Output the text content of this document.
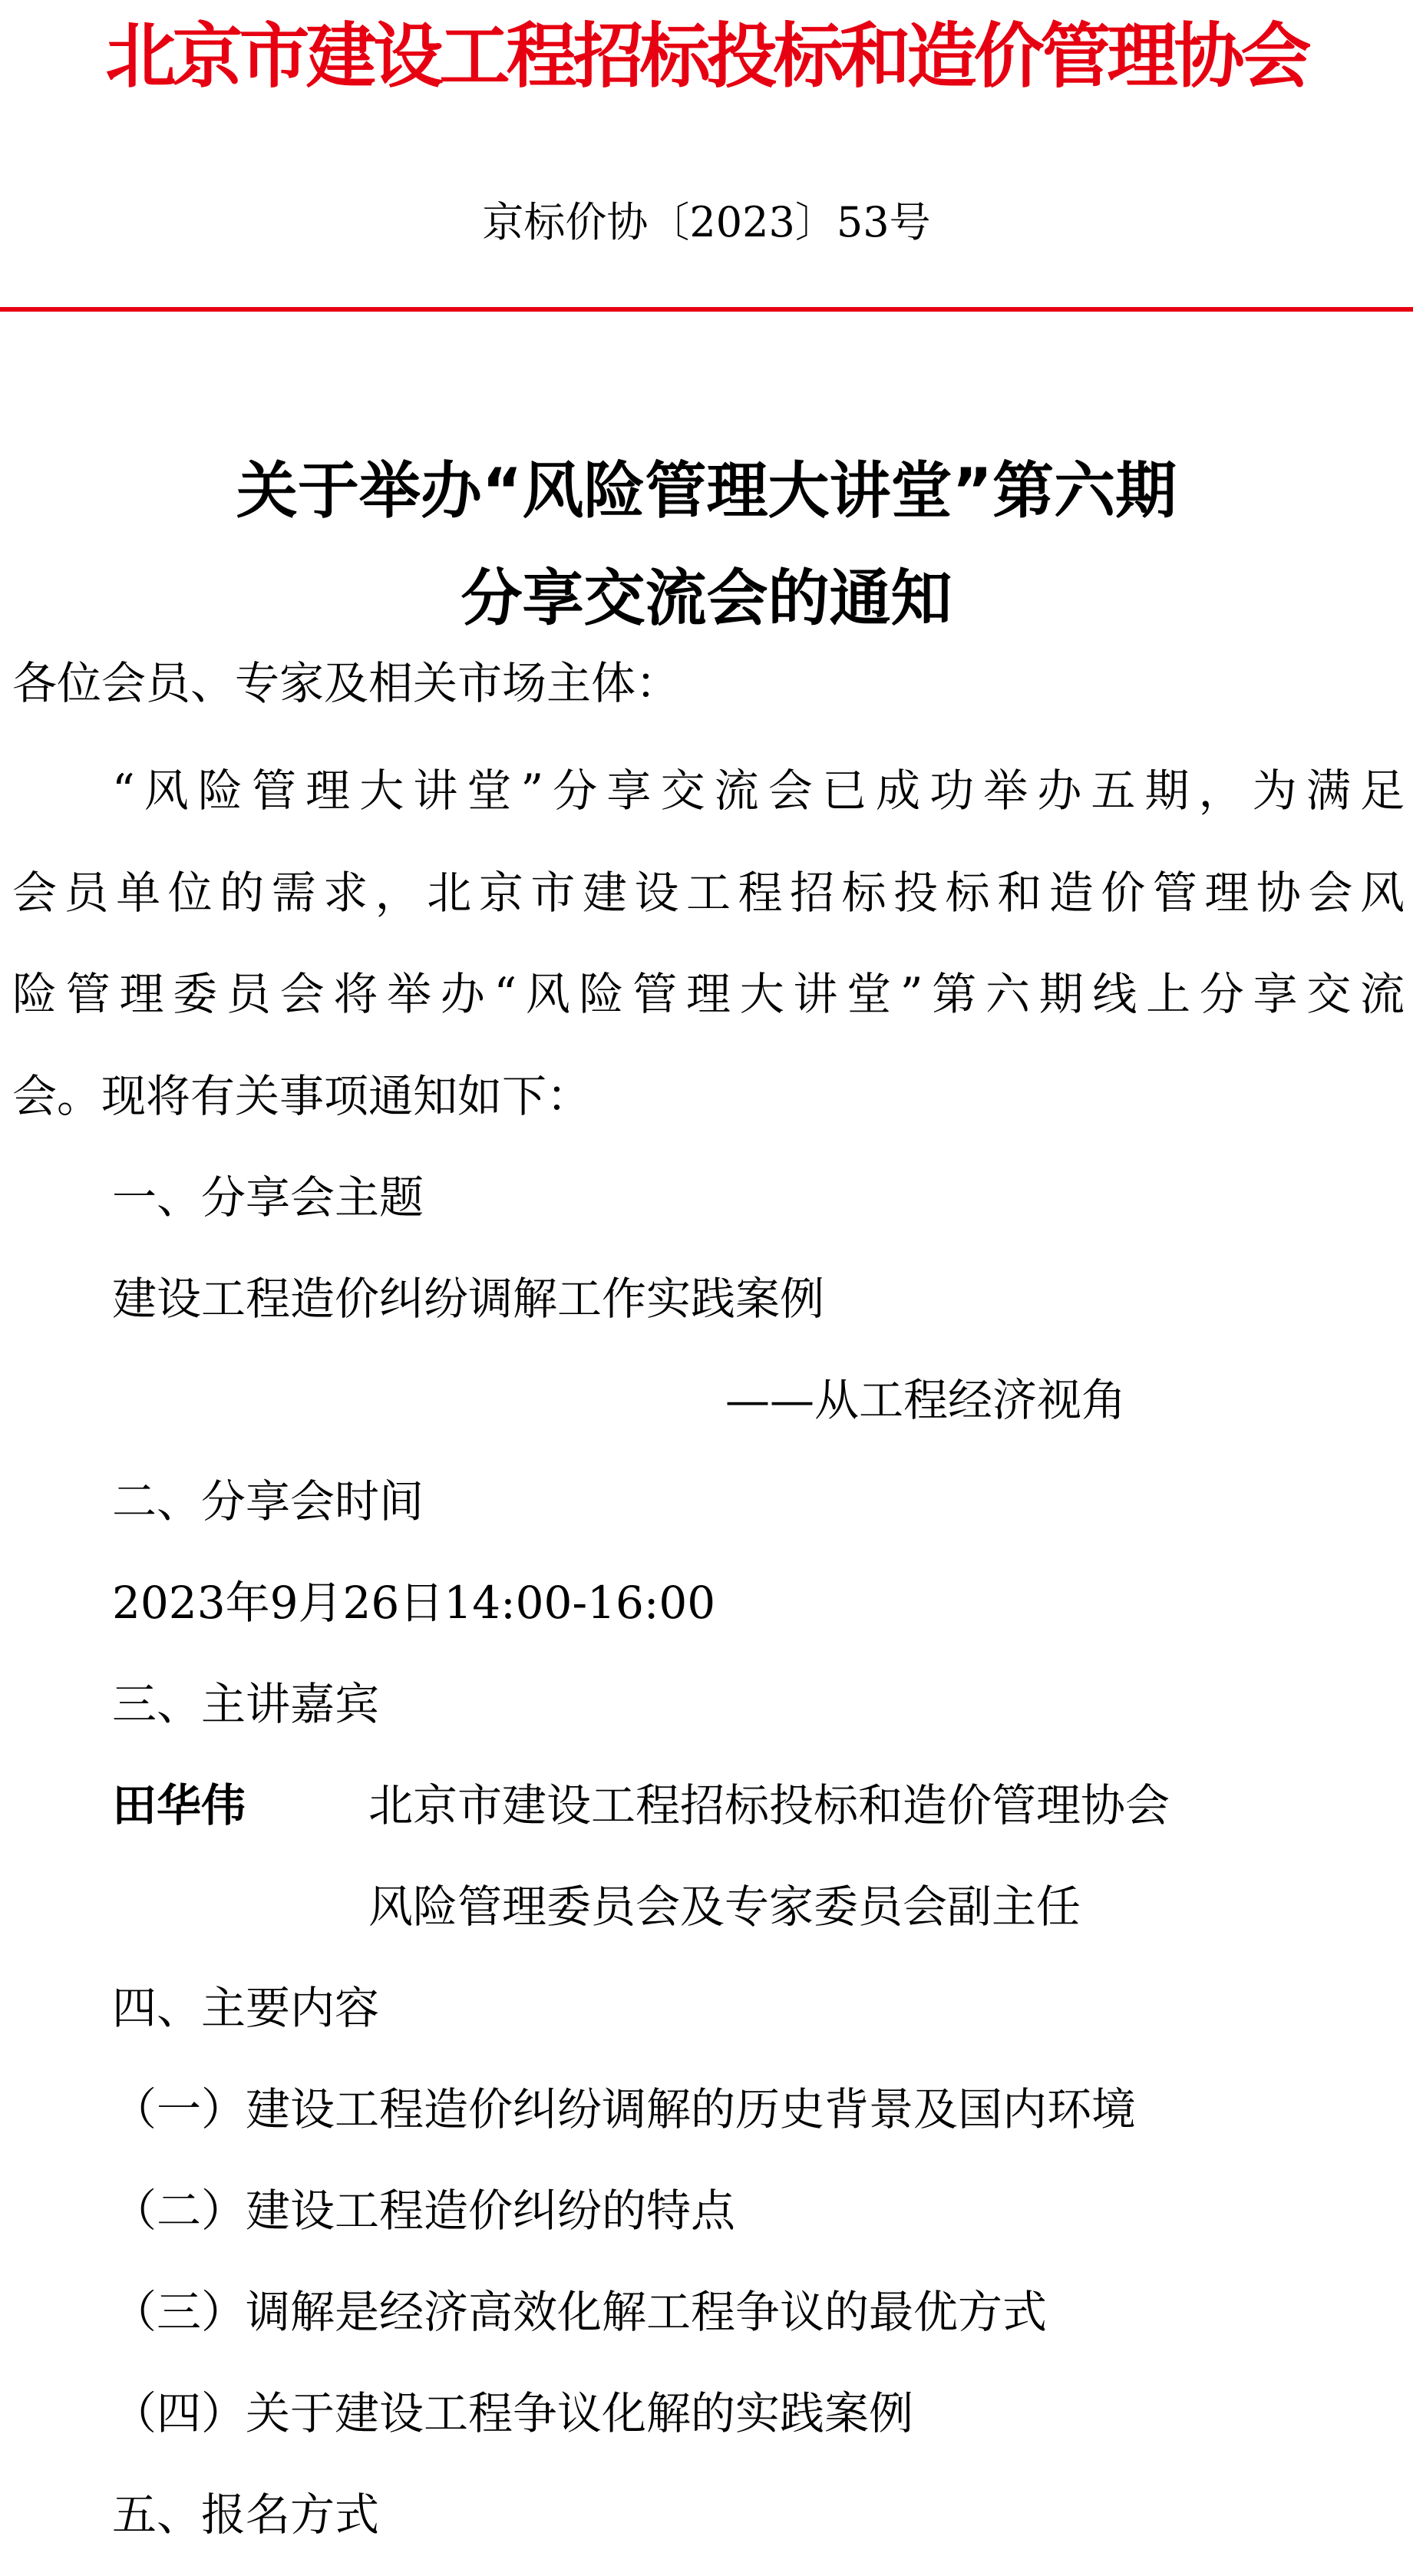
北京市建设工程招标投标和造价管理协会
京标价协〔2023〕53号
关于举办“风险管理大讲堂”第六期
分享交流会的通知
各位会员、专家及相关市场主体：
“风险管理大讲堂”分享交流会已成功举办五期，为满足
会员单位的需求，北京市建设工程招标投标和造价管理协会风
险管理委员会将举办“风险管理大讲堂”第六期线上分享交流
会。现将有关事项通知如下：
一、分享会主题
建设工程造价纠纷调解工作实践案例
——从工程经济视角
二、分享会时间
2023年9月26日14:00-16:00
三、主讲嘉宾
田华伟	北京市建设工程招标投标和造价管理协会
风险管理委员会及专家委员会副主任
四、主要内容
（一）建设工程造价纠纷调解的历史背景及国内环境
（二）建设工程造价纠纷的特点
（三）调解是经济高效化解工程争议的最优方式
（四）关于建设工程争议化解的实践案例
五、报名方式
